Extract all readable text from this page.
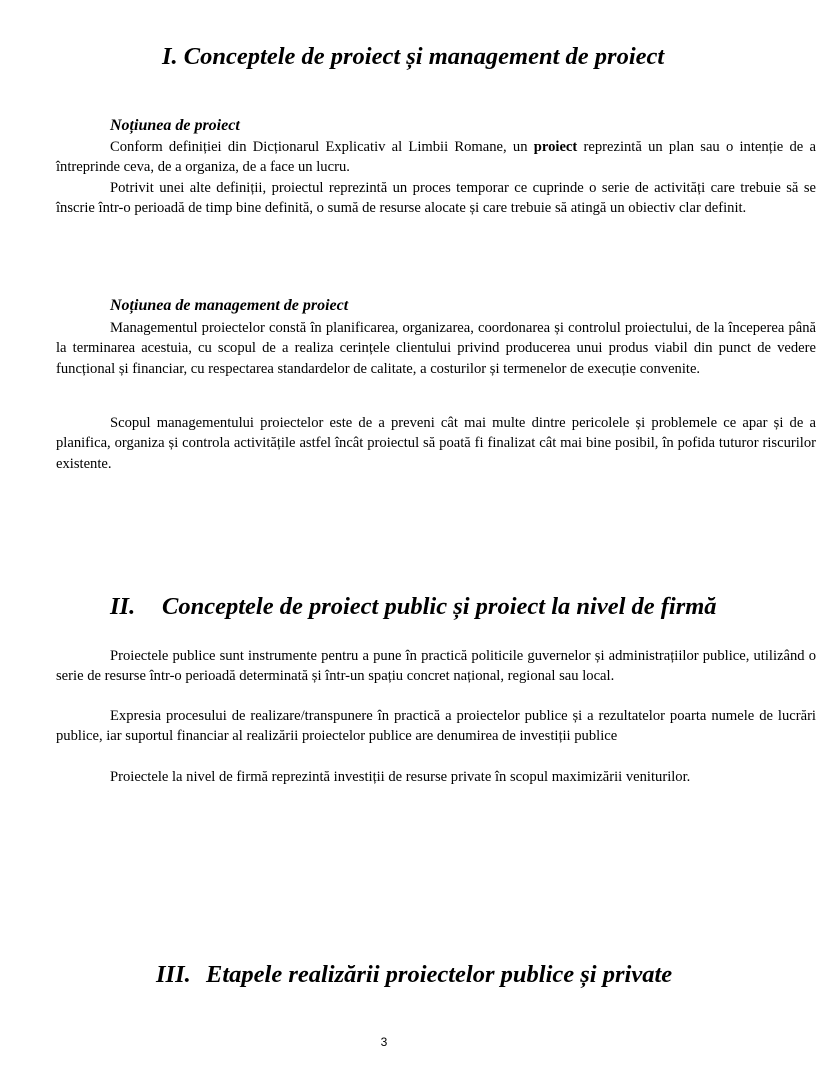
I. Conceptele de proiect și management de proiect
Noțiunea de proiect

Conform definiției din Dicționarul Explicativ al Limbii Romane, un proiect reprezintă un plan sau o intenție de a întreprinde ceva, de a organiza, de a face un lucru.

Potrivit unei alte definiții, proiectul reprezintă un proces temporar ce cuprinde o serie de activități care trebuie să se înscrie într-o perioadă de timp bine definită, o sumă de resurse alocate și care trebuie să atingă un obiectiv clar definit.

Noțiunea de management de proiect

Managementul proiectelor constă în planificarea, organizarea, coordonarea și controlul proiectului, de la începerea până la terminarea acestuia, cu scopul de a realiza cerințele clientului privind producerea unui produs viabil din punct de vedere funcțional și financiar, cu respectarea standardelor de calitate, a costurilor și termenelor de execuție convenite.

Scopul managementului proiectelor este de a preveni cât mai multe dintre pericolele și problemele ce apar și de a planifica, organiza și controla activitățile astfel încât proiectul să poată fi finalizat cât mai bine posibil, în pofida tuturor riscurilor existente.

II. Conceptele de proiect public și proiect la nivel de firmă

Proiectele publice sunt instrumente pentru a pune în practică politicile guvernelor și administrațiilor publice, utilizând o serie de resurse într-o perioadă determinată și într-un spațiu concret național, regional sau local.

Expresia procesului de realizare/transpunere în practică a proiectelor publice și a rezultatelor poarta numele de lucrări publice, iar suportul financiar al realizării proiectelor publice are denumirea de investiții publice

Proiectele la nivel de firmă reprezintă investiții de resurse private în scopul maximizării veniturilor.

III. Etapele realizării proiectelor publice și private
3
